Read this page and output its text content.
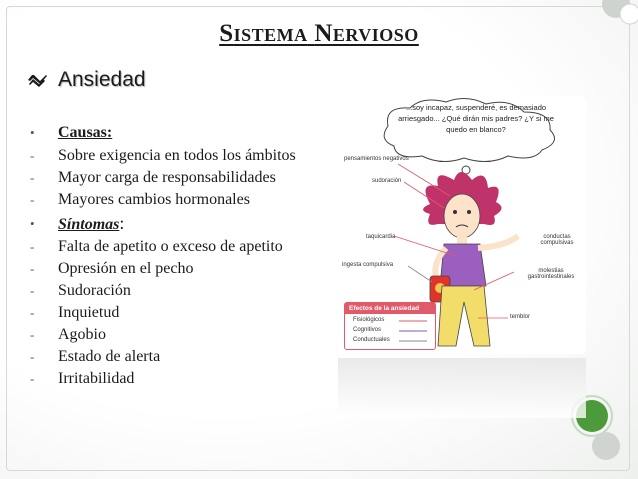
SISTEMA NERVIOSO
Ansiedad
•	Causas:
-	Sobre exigencia en todos los ámbitos
-	Mayor carga de responsabilidades
-	Mayores cambios hormonales
•	Síntomas:
-	Falta de apetito o exceso de apetito
-	Opresión en el pecho
-	Sudoración
-	Inquietud
-	Agobio
-	Estado de alerta
-	Irritabilidad
...soy incapaz, suspenderé, es demasiado arriesgado... ¿Qué dirán mis padres? ¿Y si me quedo en blanco?
pensamientos negativos
sudoración
taquicardia	conductas compulsivas
ingesta compulsiva
molestias gastrointestinales
temblor
Efectos de la ansiedad
Fisiológicos
Cognitivos
Conductuales
